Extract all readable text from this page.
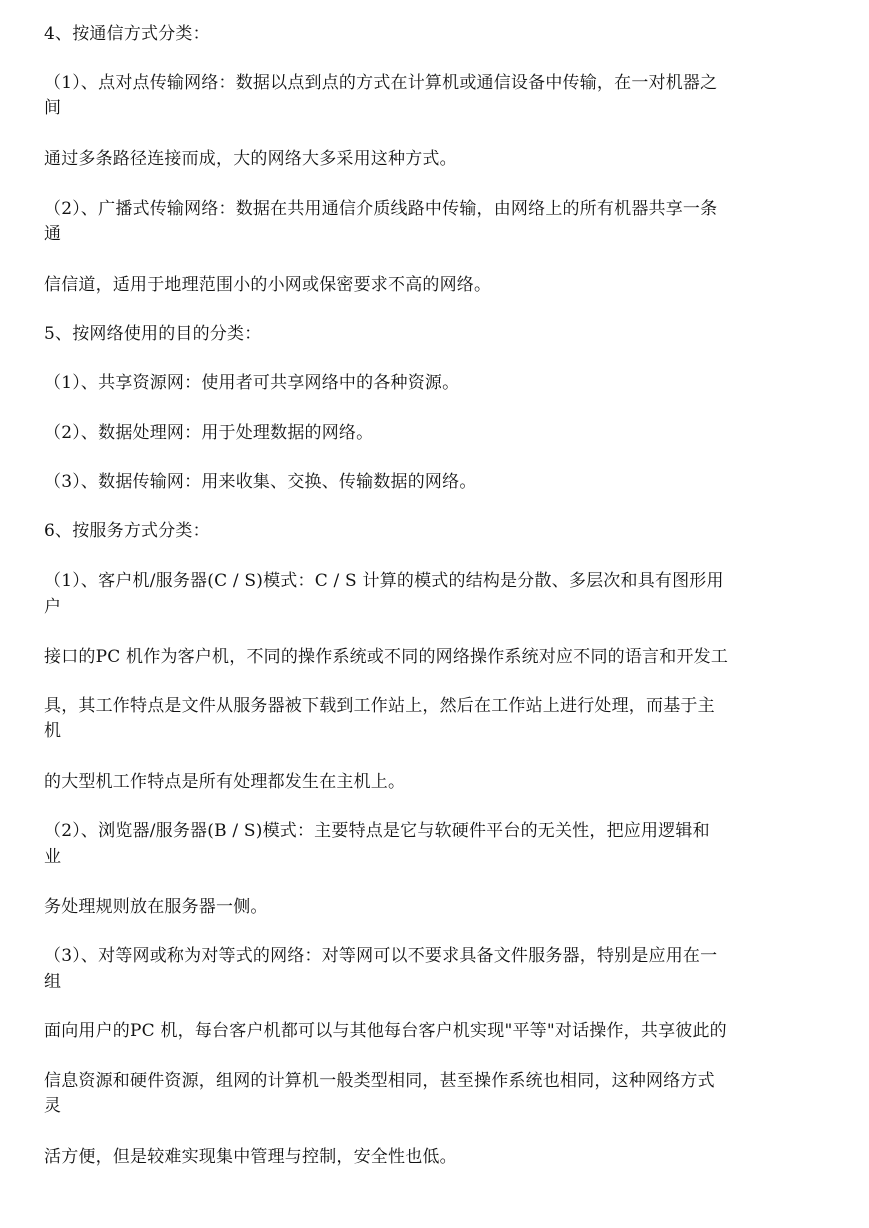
4、按通信方式分类：
（1）、点对点传输网络：数据以点到点的方式在计算机或通信设备中传输，在一对机器之
间
通过多条路径连接而成，大的网络大多采用这种方式。
（2）、广播式传输网络：数据在共用通信介质线路中传输，由网络上的所有机器共享一条
通
信信道，适用于地理范围小的小网或保密要求不高的网络。
5、按网络使用的目的分类：
（1）、共享资源网：使用者可共享网络中的各种资源。
（2）、数据处理网：用于处理数据的网络。
（3）、数据传输网：用来收集、交换、传输数据的网络。
6、按服务方式分类：
（1）、客户机/服务器(C / S)模式：C / S 计算的模式的结构是分散、多层次和具有图形用
户
接口的PC 机作为客户机，不同的操作系统或不同的网络操作系统对应不同的语言和开发工
具，其工作特点是文件从服务器被下载到工作站上，然后在工作站上进行处理，而基于主
机
的大型机工作特点是所有处理都发生在主机上。
（2）、浏览器/服务器(B / S)模式：主要特点是它与软硬件平台的无关性，把应用逻辑和
业
务处理规则放在服务器一侧。
（3）、对等网或称为对等式的网络：对等网可以不要求具备文件服务器，特别是应用在一
组
面向用户的PC 机，每台客户机都可以与其他每台客户机实现"平等"对话操作，共享彼此的
信息资源和硬件资源，组网的计算机一般类型相同，甚至操作系统也相同，这种网络方式
灵
活方便，但是较难实现集中管理与控制，安全性也低。
